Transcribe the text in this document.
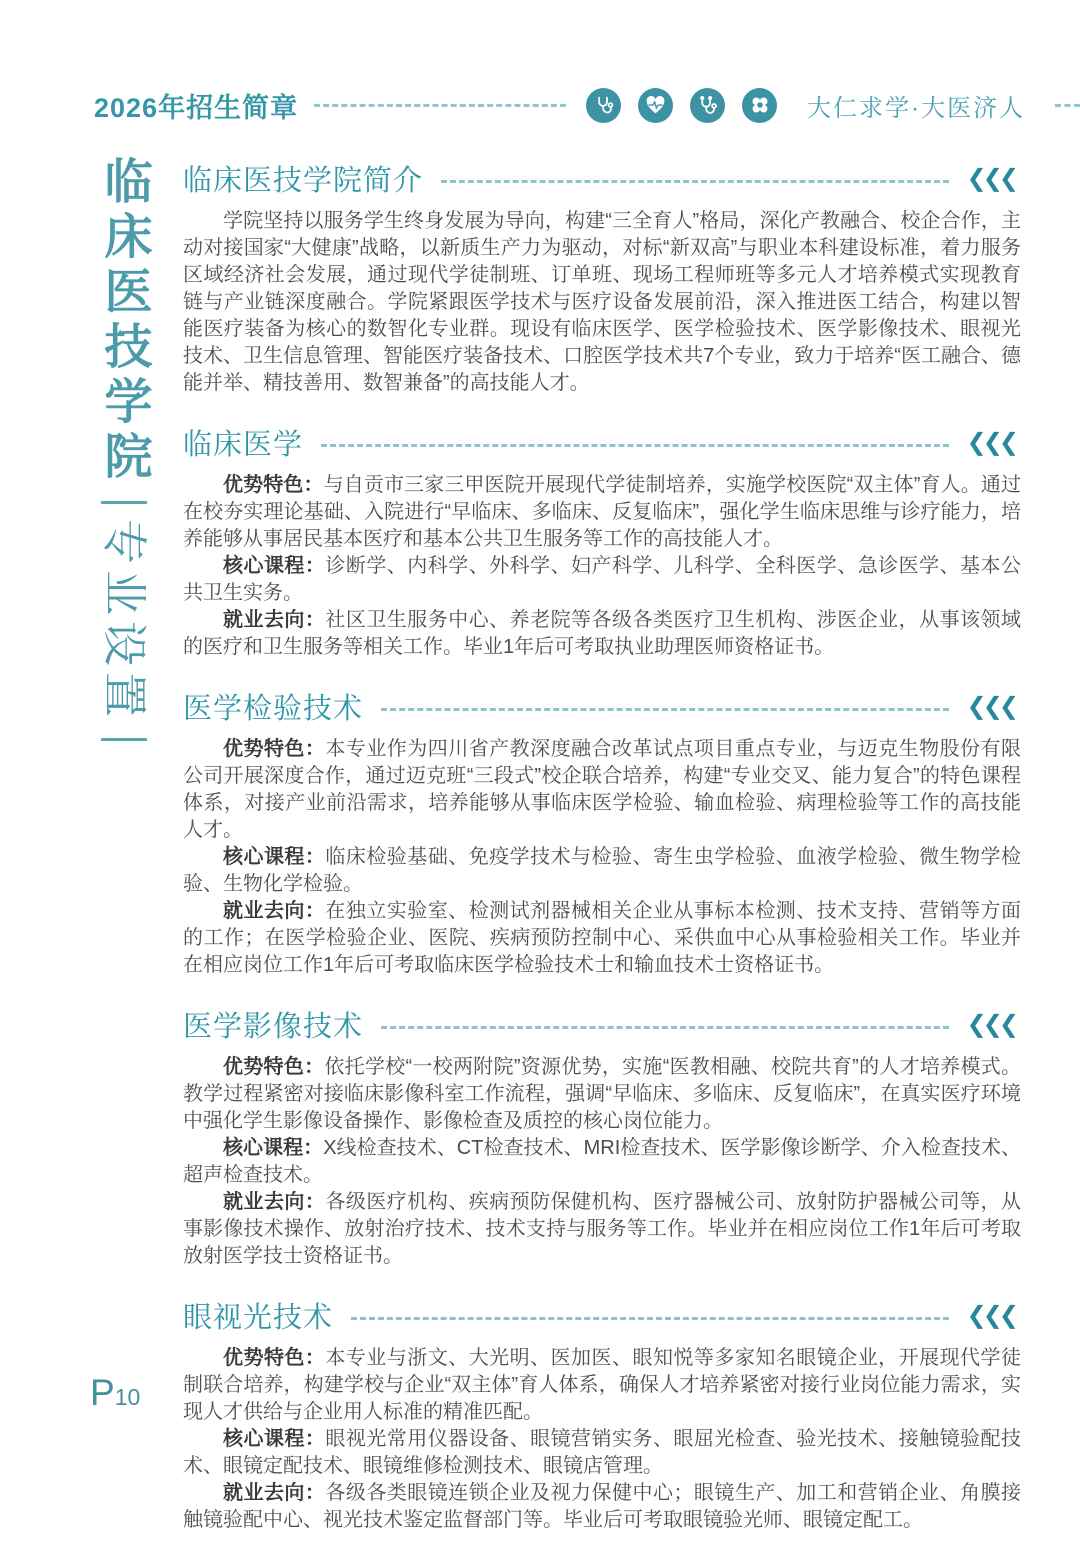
2026年招生简章	大仁求学·大医济人
临床医技学院
专业设置
临床医技学院简介	❮❮❮

学院坚持以服务学生终身发展为导向，构建“三全育人”格局，深化产教融合、校企合作，主动对接国家“大健康”战略，以新质生产力为驱动，对标“新双高”与职业本科建设标准，着力服务区域经济社会发展，通过现代学徒制班、订单班、现场工程师班等多元人才培养模式实现教育链与产业链深度融合。学院紧跟医学技术与医疗设备发展前沿，深入推进医工结合，构建以智能医疗装备为核心的数智化专业群。现设有临床医学、医学检验技术、医学影像技术、眼视光技术、卫生信息管理、智能医疗装备技术、口腔医学技术共7个专业，致力于培养“医工融合、德能并举、精技善用、数智兼备”的高技能人才。

临床医学	❮❮❮

优势特色：与自贡市三家三甲医院开展现代学徒制培养，实施学校医院“双主体”育人。通过在校夯实理论基础、入院进行“早临床、多临床、反复临床”，强化学生临床思维与诊疗能力，培养能够从事居民基本医疗和基本公共卫生服务等工作的高技能人才。

核心课程：诊断学、内科学、外科学、妇产科学、儿科学、全科医学、急诊医学、基本公共卫生实务。

就业去向：社区卫生服务中心、养老院等各级各类医疗卫生机构、涉医企业，从事该领域的医疗和卫生服务等相关工作。毕业1年后可考取执业助理医师资格证书。

医学检验技术	❮❮❮

优势特色：本专业作为四川省产教深度融合改革试点项目重点专业，与迈克生物股份有限公司开展深度合作，通过迈克班“三段式”校企联合培养，构建“专业交叉、能力复合”的特色课程体系，对接产业前沿需求，培养能够从事临床医学检验、输血检验、病理检验等工作的高技能人才。

核心课程：临床检验基础、免疫学技术与检验、寄生虫学检验、血液学检验、微生物学检验、生物化学检验。

就业去向：在独立实验室、检测试剂器械相关企业从事标本检测、技术支持、营销等方面的工作；在医学检验企业、医院、疾病预防控制中心、采供血中心从事检验相关工作。毕业并在相应岗位工作1年后可考取临床医学检验技术士和输血技术士资格证书。

医学影像技术	❮❮❮

优势特色：依托学校“一校两附院”资源优势，实施“医教相融、校院共育”的人才培养模式。教学过程紧密对接临床影像科室工作流程，强调“早临床、多临床、反复临床”，在真实医疗环境中强化学生影像设备操作、影像检查及质控的核心岗位能力。

核心课程：X线检查技术、CT检查技术、MRI检查技术、医学影像诊断学、介入检查技术、超声检查技术。

就业去向：各级医疗机构、疾病预防保健机构、医疗器械公司、放射防护器械公司等，从事影像技术操作、放射治疗技术、技术支持与服务等工作。毕业并在相应岗位工作1年后可考取放射医学技士资格证书。

眼视光技术	❮❮❮

优势特色：本专业与浙文、大光明、医加医、眼知悦等多家知名眼镜企业，开展现代学徒制联合培养，构建学校与企业“双主体”育人体系，确保人才培养紧密对接行业岗位能力需求，实现人才供给与企业用人标准的精准匹配。

核心课程：眼视光常用仪器设备、眼镜营销实务、眼屈光检查、验光技术、接触镜验配技术、眼镜定配技术、眼镜维修检测技术、眼镜店管理。

就业去向：各级各类眼镜连锁企业及视力保健中心；眼镜生产、加工和营销企业、角膜接触镜验配中心、视光技术鉴定监督部门等。毕业后可考取眼镜验光师、眼镜定配工。

P10
